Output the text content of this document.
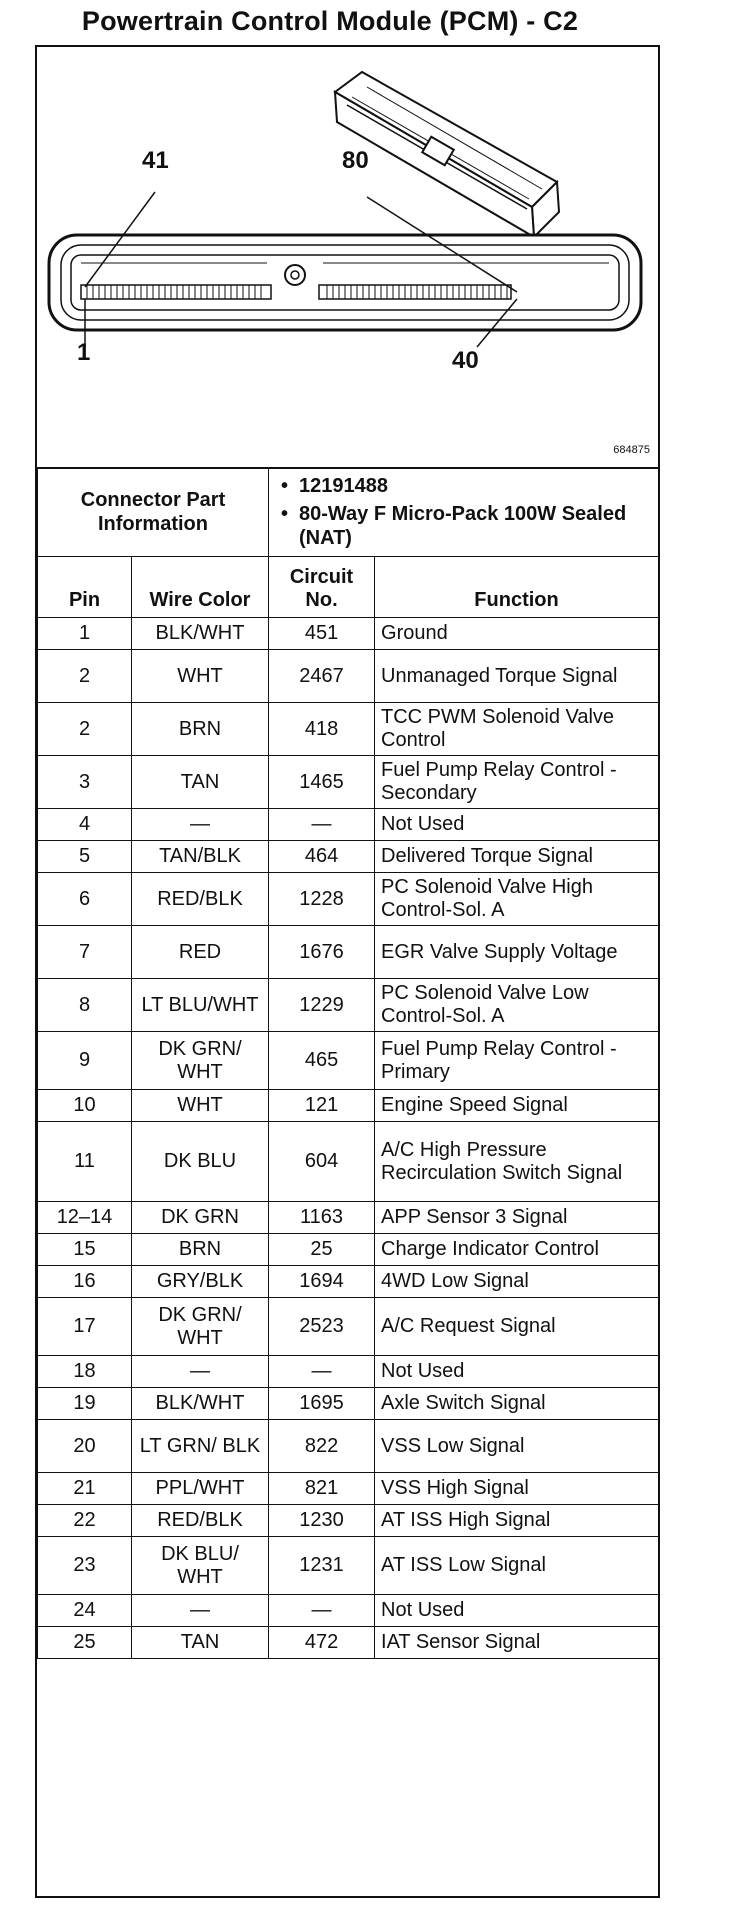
Powertrain Control Module (PCM) - C2
41	80
1	40
684875
Connector Part Information		• 12191488
• 80-Way F Micro-Pack 100W Sealed (NAT)	

Pin	Wire Color	Circuit No.	Function
1	BLK/WHT	451	Ground
2	WHT	2467	Unmanaged Torque Signal
2	BRN	418	TCC PWM Solenoid Valve Control
3	TAN	1465	Fuel Pump Relay Control - Secondary
4	—	—	Not Used
5	TAN/BLK	464	Delivered Torque Signal
6	RED/BLK	1228	PC Solenoid Valve High Control-Sol. A
7	RED	1676	EGR Valve Supply Voltage
8	LT BLU/WHT	1229	PC Solenoid Valve Low Control-Sol. A
9	DK GRN/ WHT	465	Fuel Pump Relay Control - Primary
10	WHT	121	Engine Speed Signal
11	DK BLU	604	A/C High Pressure Recirculation Switch Signal
12–14	DK GRN	1163	APP Sensor 3 Signal
15	BRN	25	Charge Indicator Control
16	GRY/BLK	1694	4WD Low Signal
17	DK GRN/ WHT	2523	A/C Request Signal
18	—	—	Not Used
19	BLK/WHT	1695	Axle Switch Signal
20	LT GRN/ BLK	822	VSS Low Signal
21	PPL/WHT	821	VSS High Signal
22	RED/BLK	1230	AT ISS High Signal
23	DK BLU/ WHT	1231	AT ISS Low Signal
24	—	—	Not Used
25	TAN	472	IAT Sensor Signal
